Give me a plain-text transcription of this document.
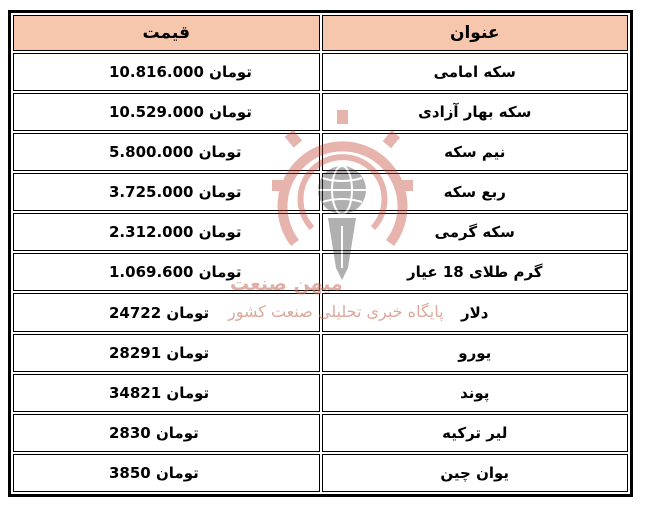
عنوان	قیمت
سکه امامی	تومان 10.816.000
سکه بهار آزادی	تومان 10.529.000
نیم سکه	تومان 5.800.000
ربع سکه	تومان 3.725.000
سکه گرمی	تومان 2.312.000
گرم طلای 18 عیار	تومان 1.069.600
دلار	تومان 24722
یورو	تومان 28291
پوند	تومان 34821
لیر ترکیه	تومان 2830
یوان چین	تومان 3850
میهن صنعت
پایگاه خبری تحلیلی صنعت کشور
